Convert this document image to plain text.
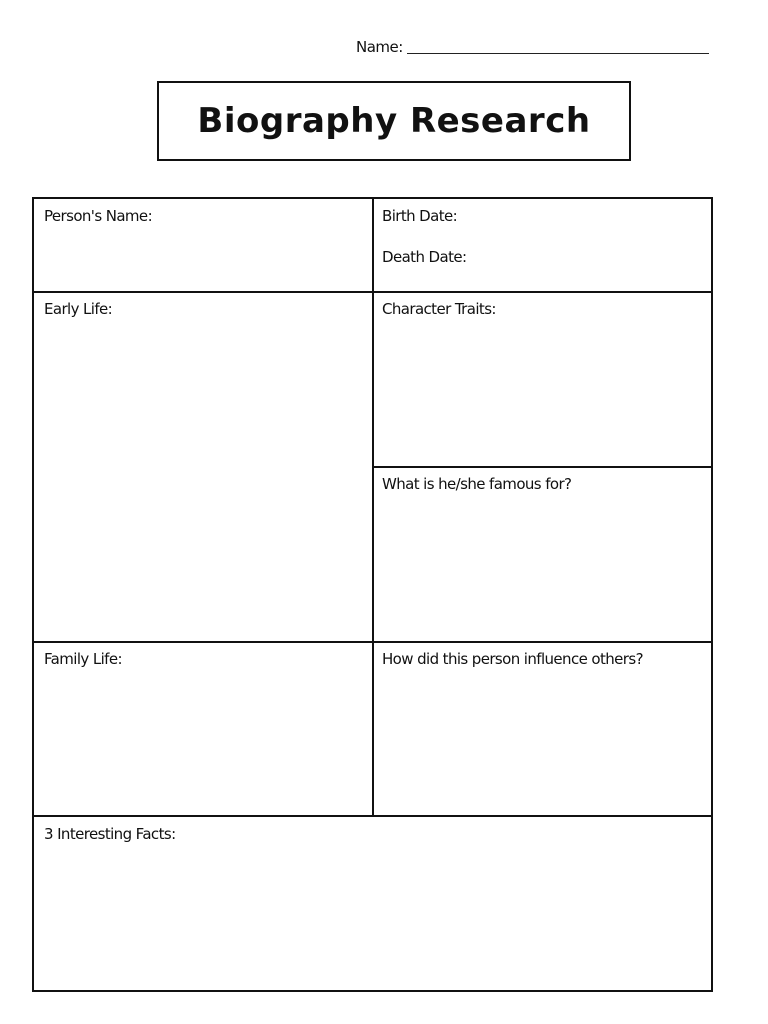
Name:
Biography Research
Person's Name:	Birth Date:
Death Date:
Early Life:	Character Traits:
What is he/she famous for?
Family Life:	How did this person influence others?
3 Interesting Facts:
